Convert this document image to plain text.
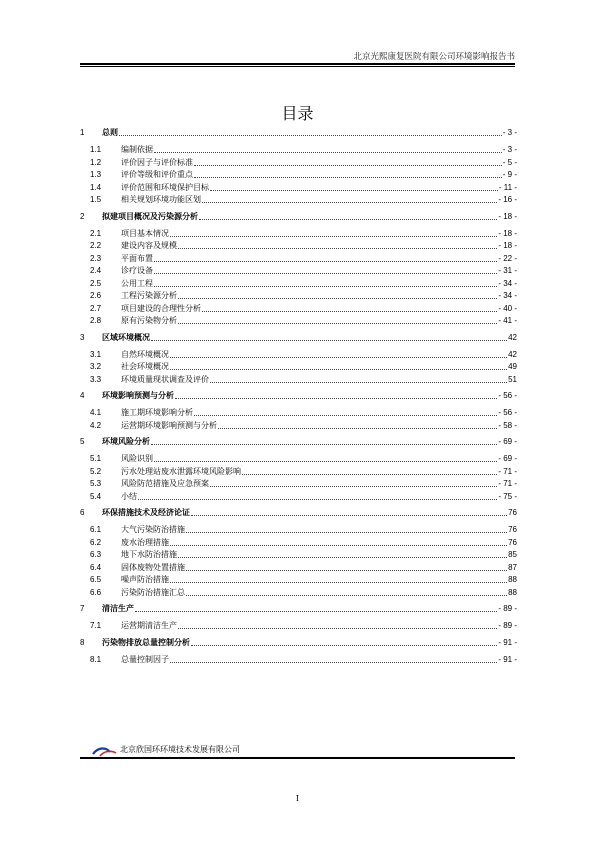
北京光熙康复医院有限公司环境影响报告书
目录
1	总则	- 3 -
1.1	编制依据	- 3 -
1.2	评价因子与评价标准	- 5 -
1.3	评价等级和评价重点	- 9 -
1.4	评价范围和环境保护目标	- 11 -
1.5	相关规划环境功能区划	- 16 -
2	拟建项目概况及污染源分析	- 18 -
2.1	项目基本情况	- 18 -
2.2	建设内容及规模	- 18 -
2.3	平面布置	- 22 -
2.4	诊疗设备	- 31 -
2.5	公用工程	- 34 -
2.6	工程污染源分析	- 34 -
2.7	项目建设的合理性分析	- 40 -
2.8	原有污染物分析	- 41 -
3	区域环境概况	42
3.1	自然环境概况	42
3.2	社会环境概况	49
3.3	环境质量现状调查及评价	51
4	环境影响预测与分析	- 56 -
4.1	施工期环境影响分析	- 56 -
4.2	运营期环境影响预测与分析	- 58 -
5	环境风险分析	- 69 -
5.1	风险识别	- 69 -
5.2	污水处理站废水泄露环境风险影响	- 71 -
5.3	风险防范措施及应急预案	- 71 -
5.4	小结	- 75 -
6	环保措施技术及经济论证	76
6.1	大气污染防治措施	76
6.2	废水治理措施	76
6.3	地下水防治措施	85
6.4	固体废物处置措施	87
6.5	噪声防治措施	88
6.6	污染防治措施汇总	88
7	清洁生产	- 89 -
7.1	运营期清洁生产	- 89 -
8	污染物排放总量控制分析	- 91 -
8.1	总量控制因子	- 91 -
北京欣国环环境技术发展有限公司
I
